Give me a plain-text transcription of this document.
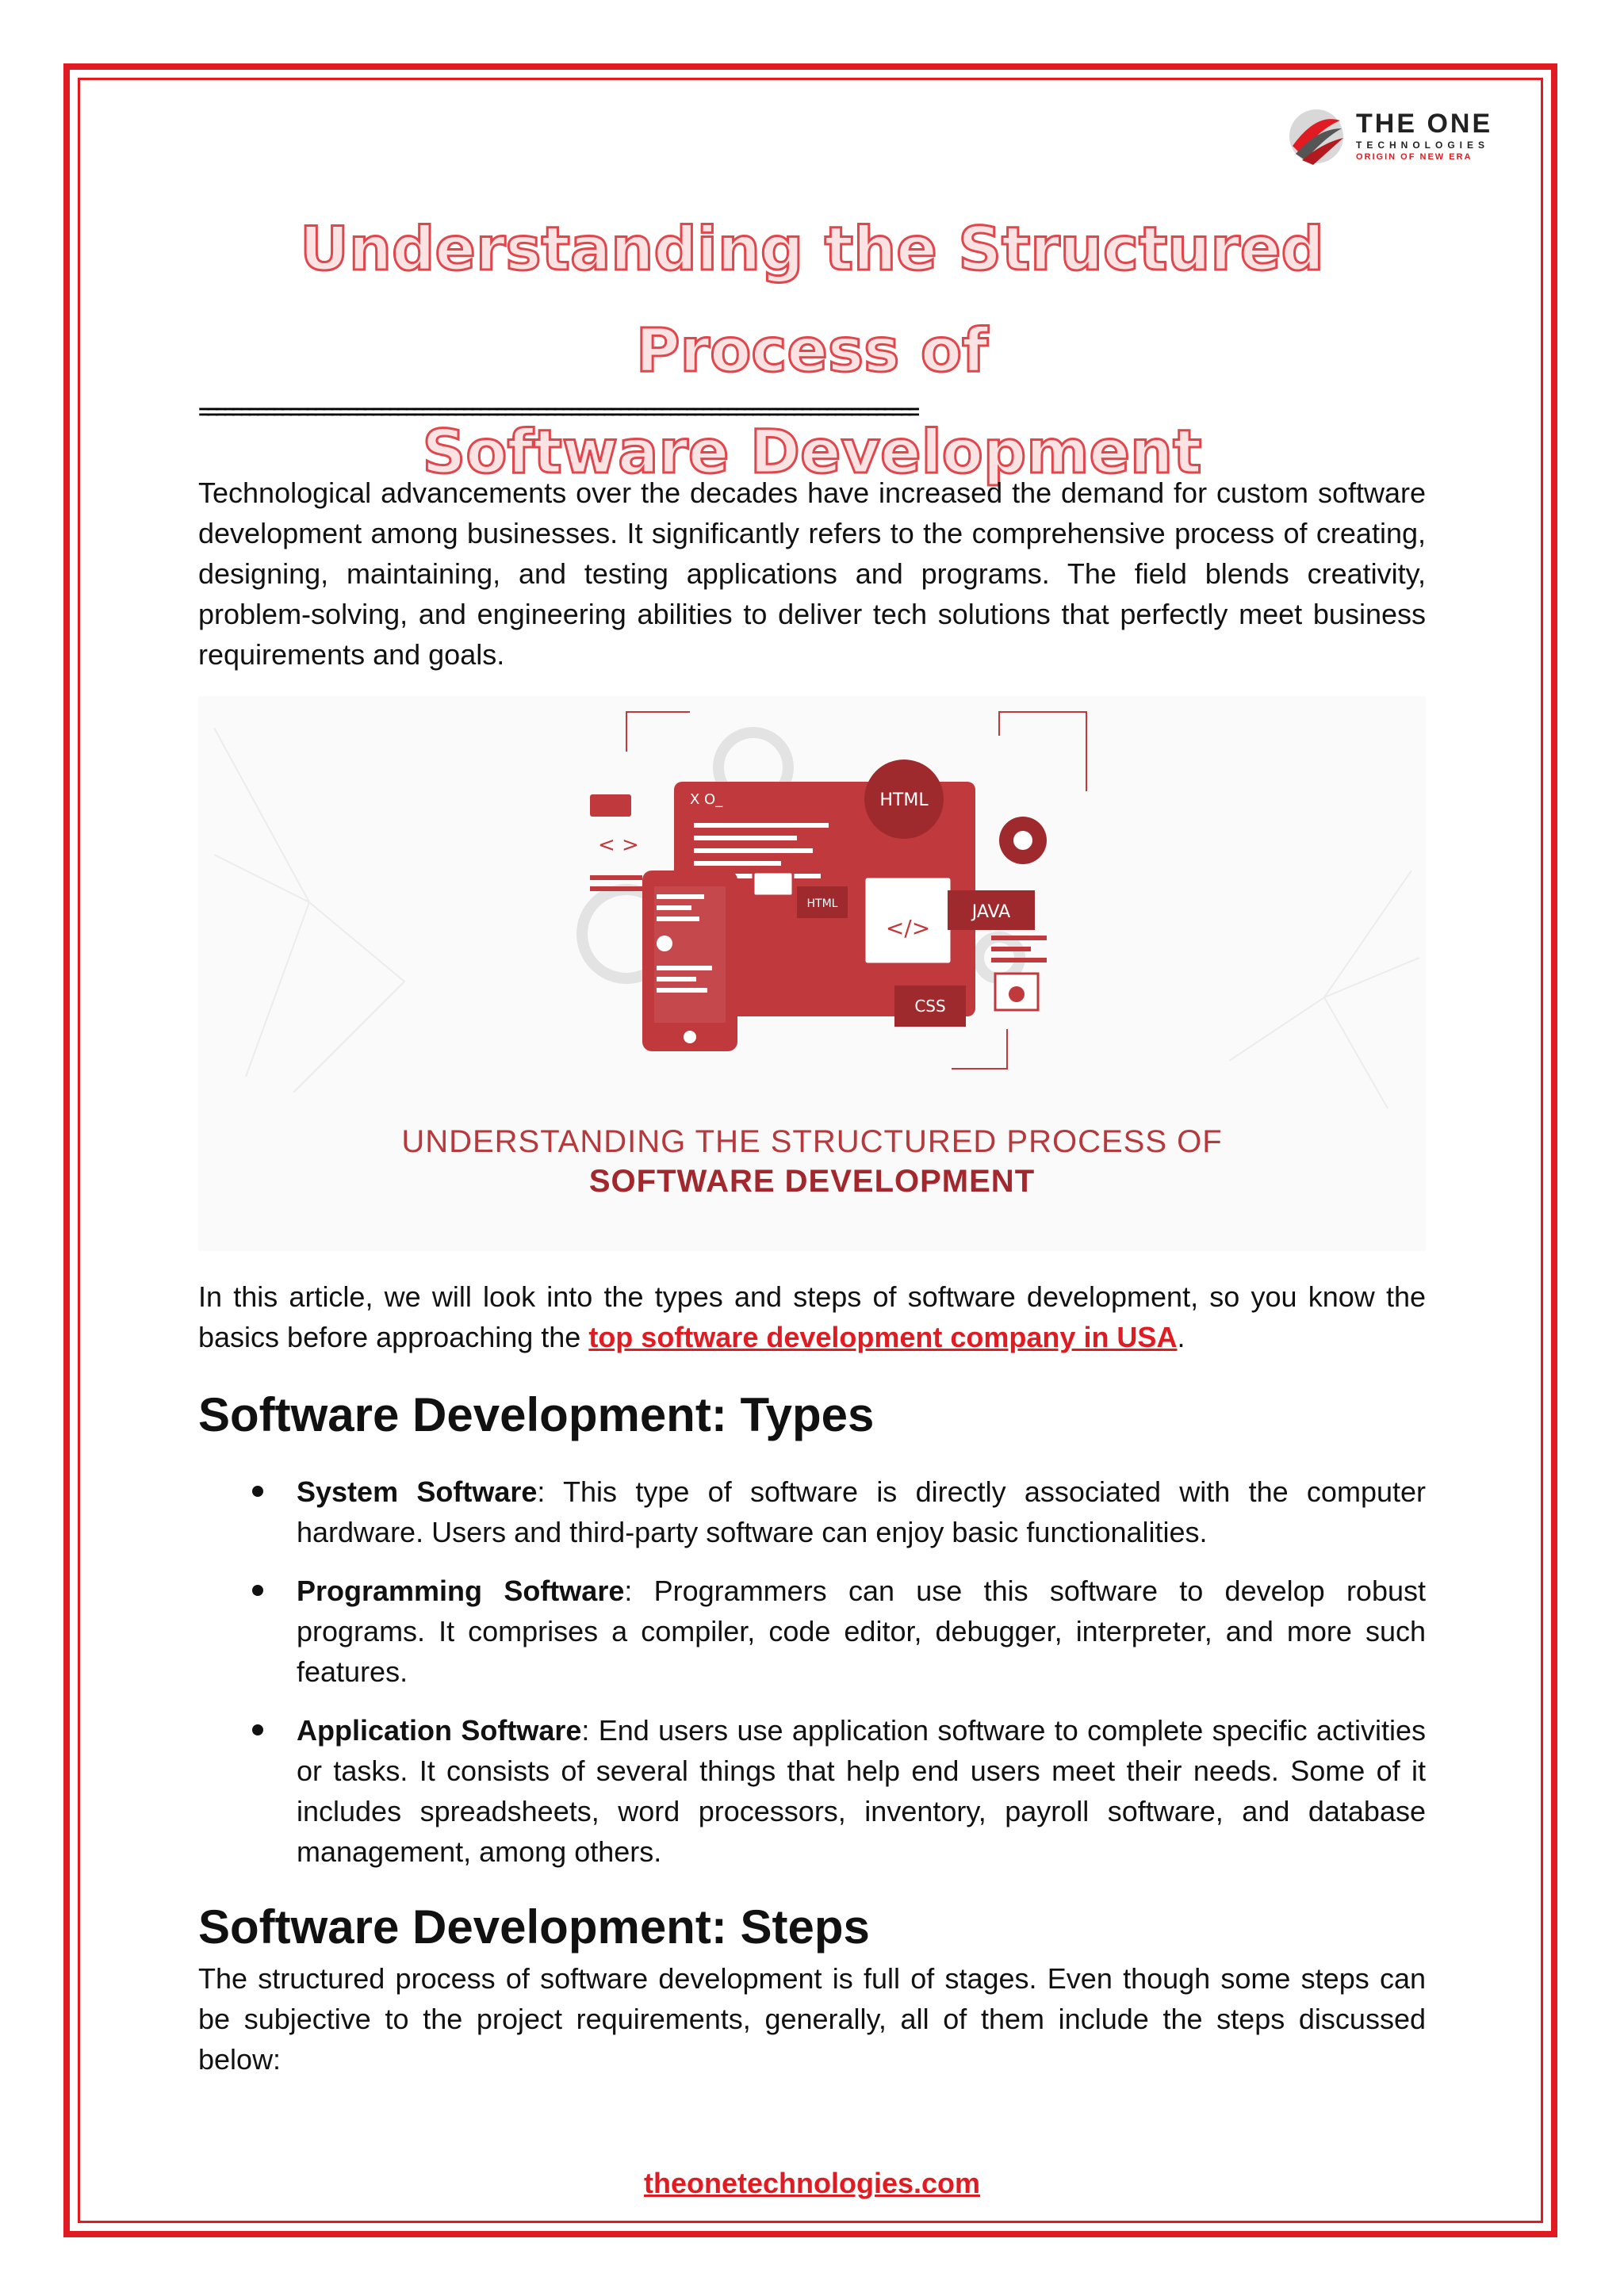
THE ONE
TECHNOLOGIES
ORIGIN OF NEW ERA
Understanding the Structured Process of
Software Development
=======================================================================================

Technological advancements over the decades have increased the demand for custom software development among businesses. It significantly refers to the comprehensive process of creating, designing, maintaining, and testing applications and programs. The field blends creativity, problem-solving, and engineering abilities to deliver tech solutions that perfectly meet business requirements and goals.

< >
X O_	HTML
</>
JAVA
HTML
CSS
UNDERSTANDING THE STRUCTURED PROCESS OF
SOFTWARE DEVELOPMENT

In this article, we will look into the types and steps of software development, so you know the basics before approaching the top software development company in USA.

Software Development: Types
System Software: This type of software is directly associated with the computer hardware. Users and third-party software can enjoy basic functionalities.
Programming Software: Programmers can use this software to develop robust programs. It comprises a compiler, code editor, debugger, interpreter, and more such features.
Application Software: End users use application software to complete specific activities or tasks. It consists of several things that help end users meet their needs. Some of it includes spreadsheets, word processors, inventory, payroll software, and database management, among others.
Software Development: Steps

The structured process of software development is full of stages. Even though some steps can be subjective to the project requirements, generally, all of them include the steps discussed below:

theonetechnologies.com
